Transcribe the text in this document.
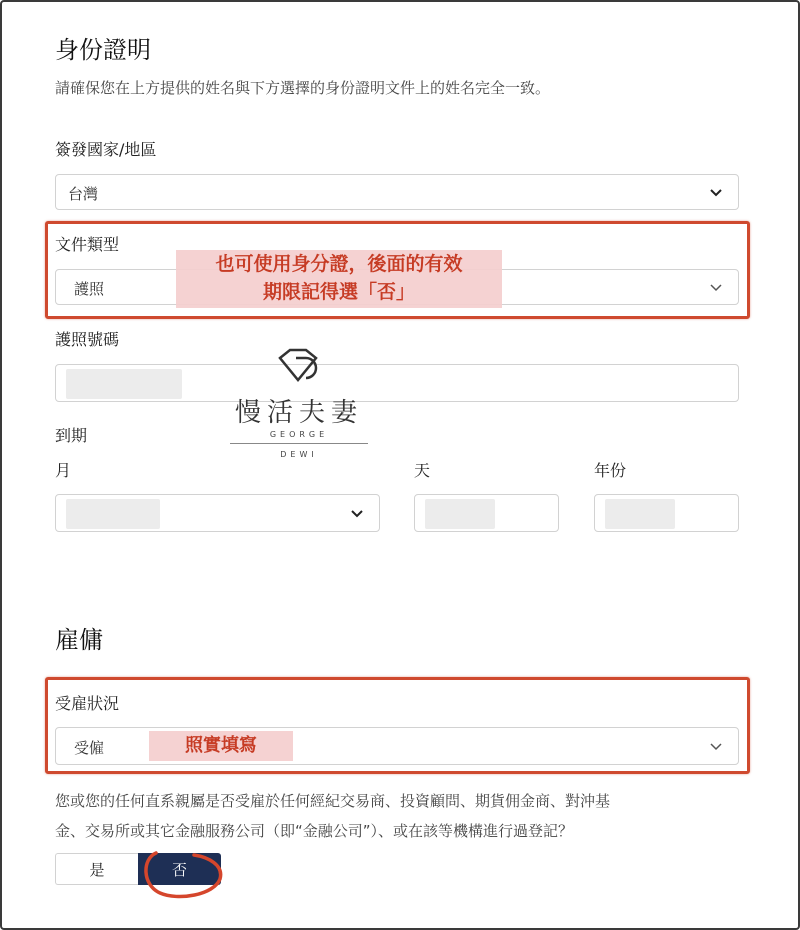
身份證明
請確保您在上方提供的姓名與下方選擇的身份證明文件上的姓名完全一致。
簽發國家/地區
台灣
文件類型
護照
也可使用身分證，後面的有效
期限記得選「否」
護照號碼
慢活夫妻
GEORGE
DEWI
到期
月	天	年份
雇傭
受雇狀況
受僱	照實填寫
您或您的任何直系親屬是否受雇於任何經紀交易商、投資顧問、期貨佣金商、對沖基
金、交易所或其它金融服務公司（即“金融公司”）、或在該等機構進行過登記？
是	否
